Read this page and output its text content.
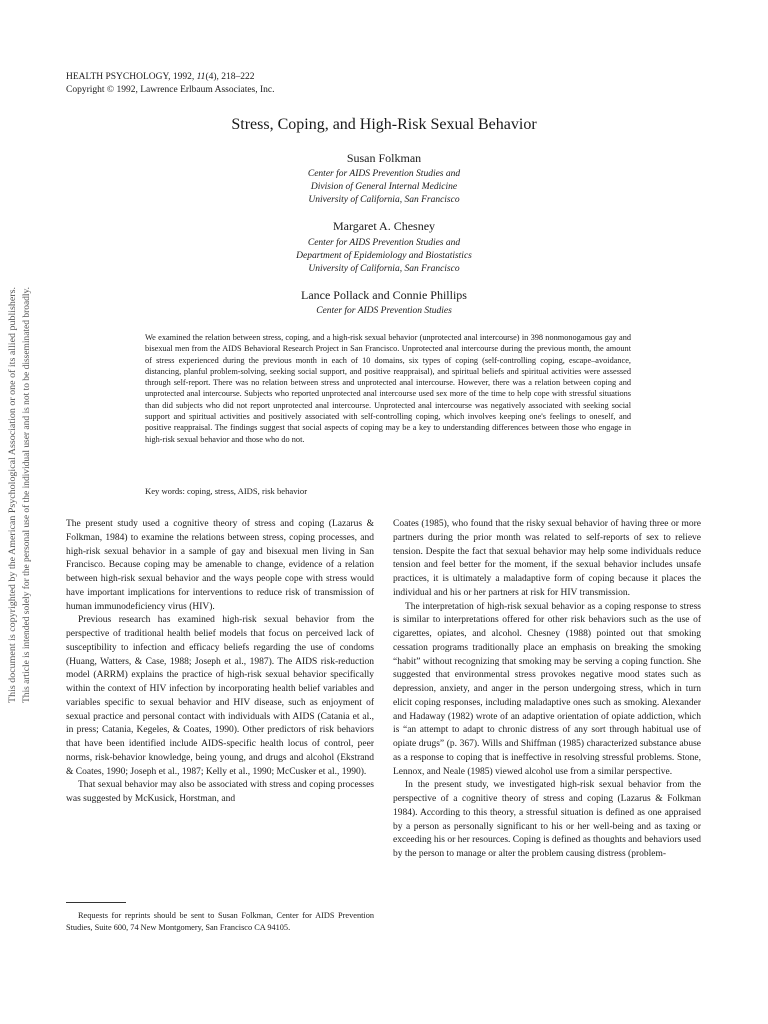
HEALTH PSYCHOLOGY, 1992, 11(4), 218–222
Copyright © 1992, Lawrence Erlbaum Associates, Inc.
Stress, Coping, and High-Risk Sexual Behavior
Susan Folkman
Center for AIDS Prevention Studies and
Division of General Internal Medicine
University of California, San Francisco
Margaret A. Chesney
Center for AIDS Prevention Studies and
Department of Epidemiology and Biostatistics
University of California, San Francisco
Lance Pollack and Connie Phillips
Center for AIDS Prevention Studies
We examined the relation between stress, coping, and a high-risk sexual behavior (unprotected anal intercourse) in 398 nonmonogamous gay and bisexual men from the AIDS Behavioral Research Project in San Francisco. Unprotected anal intercourse during the previous month, the amount of stress experienced during the previous month in each of 10 domains, six types of coping (self-controlling coping, escape–avoidance, distancing, planful problem-solving, seeking social support, and positive reappraisal), and spiritual beliefs and spiritual activities were assessed through self-report. There was no relation between stress and unprotected anal intercourse. However, there was a relation between coping and unprotected anal intercourse. Subjects who reported unprotected anal intercourse used sex more of the time to help cope with stressful situations than did subjects who did not report unprotected anal intercourse. Unprotected anal intercourse was negatively associated with seeking social support and spiritual activities and positively associated with self-controlling coping, which involves keeping one's feelings to oneself, and positive reappraisal. The findings suggest that social aspects of coping may be a key to understanding differences between those who engage in high-risk sexual behavior and those who do not.
Key words: coping, stress, AIDS, risk behavior

The present study used a cognitive theory of stress and coping (Lazarus & Folkman, 1984) to examine the relations between stress, coping processes, and high-risk sexual behavior in a sample of gay and bisexual men living in San Francisco. Because coping may be amenable to change, evidence of a relation between high-risk sexual behavior and the ways people cope with stress would have important implications for interventions to reduce risk of transmission of human immunodeficiency virus (HIV).

Previous research has examined high-risk sexual behavior from the perspective of traditional health belief models that focus on perceived lack of susceptibility to infection and efficacy beliefs regarding the use of condoms (Huang, Watters, & Case, 1988; Joseph et al., 1987). The AIDS risk-reduction model (ARRM) explains the practice of high-risk sexual behavior specifically within the context of HIV infection by incorporating health belief variables and variables specific to sexual behavior and HIV disease, such as enjoyment of sexual practice and personal contact with individuals with AIDS (Catania et al., in press; Catania, Kegeles, & Coates, 1990). Other predictors of risk behaviors that have been identified include AIDS-specific health locus of control, peer norms, risk-behavior knowledge, being young, and drugs and alcohol (Ekstrand & Coates, 1990; Joseph et al., 1987; Kelly et al., 1990; McCusker et al., 1990).

That sexual behavior may also be associated with stress and coping processes was suggested by McKusick, Horstman, and

Coates (1985), who found that the risky sexual behavior of having three or more partners during the prior month was related to self-reports of sex to relieve tension. Despite the fact that sexual behavior may help some individuals reduce tension and feel better for the moment, if the sexual behavior includes unsafe practices, it is ultimately a maladaptive form of coping because it places the individual and his or her partners at risk for HIV transmission.

The interpretation of high-risk sexual behavior as a coping response to stress is similar to interpretations offered for other risk behaviors such as the use of cigarettes, opiates, and alcohol. Chesney (1988) pointed out that smoking cessation programs traditionally place an emphasis on breaking the smoking “habit” without recognizing that smoking may be serving a coping function. She suggested that environmental stress provokes negative mood states such as depression, anxiety, and anger in the person undergoing stress, which in turn elicit coping responses, including maladaptive ones such as smoking. Alexander and Hadaway (1982) wrote of an adaptive orientation of opiate addiction, which is “an attempt to adapt to chronic distress of any sort through habitual use of opiate drugs” (p. 367). Wills and Shiffman (1985) characterized substance abuse as a response to coping that is ineffective in resolving stressful problems. Stone, Lennox, and Neale (1985) viewed alcohol use from a similar perspective.

In the present study, we investigated high-risk sexual behavior from the perspective of a cognitive theory of stress and coping (Lazarus & Folkman 1984). According to this theory, a stressful situation is defined as one appraised by a person as personally significant to his or her well-being and as taxing or exceeding his or her resources. Coping is defined as thoughts and behaviors used by the person to manage or alter the problem causing distress (problem-

Requests for reprints should be sent to Susan Folkman, Center for AIDS Prevention Studies, Suite 600, 74 New Montgomery, San Francisco CA 94105.
This document is copyrighted by the American Psychological Association or one of its allied publishers. This article is intended solely for the personal use of the individual user and is not to be disseminated broadly.
